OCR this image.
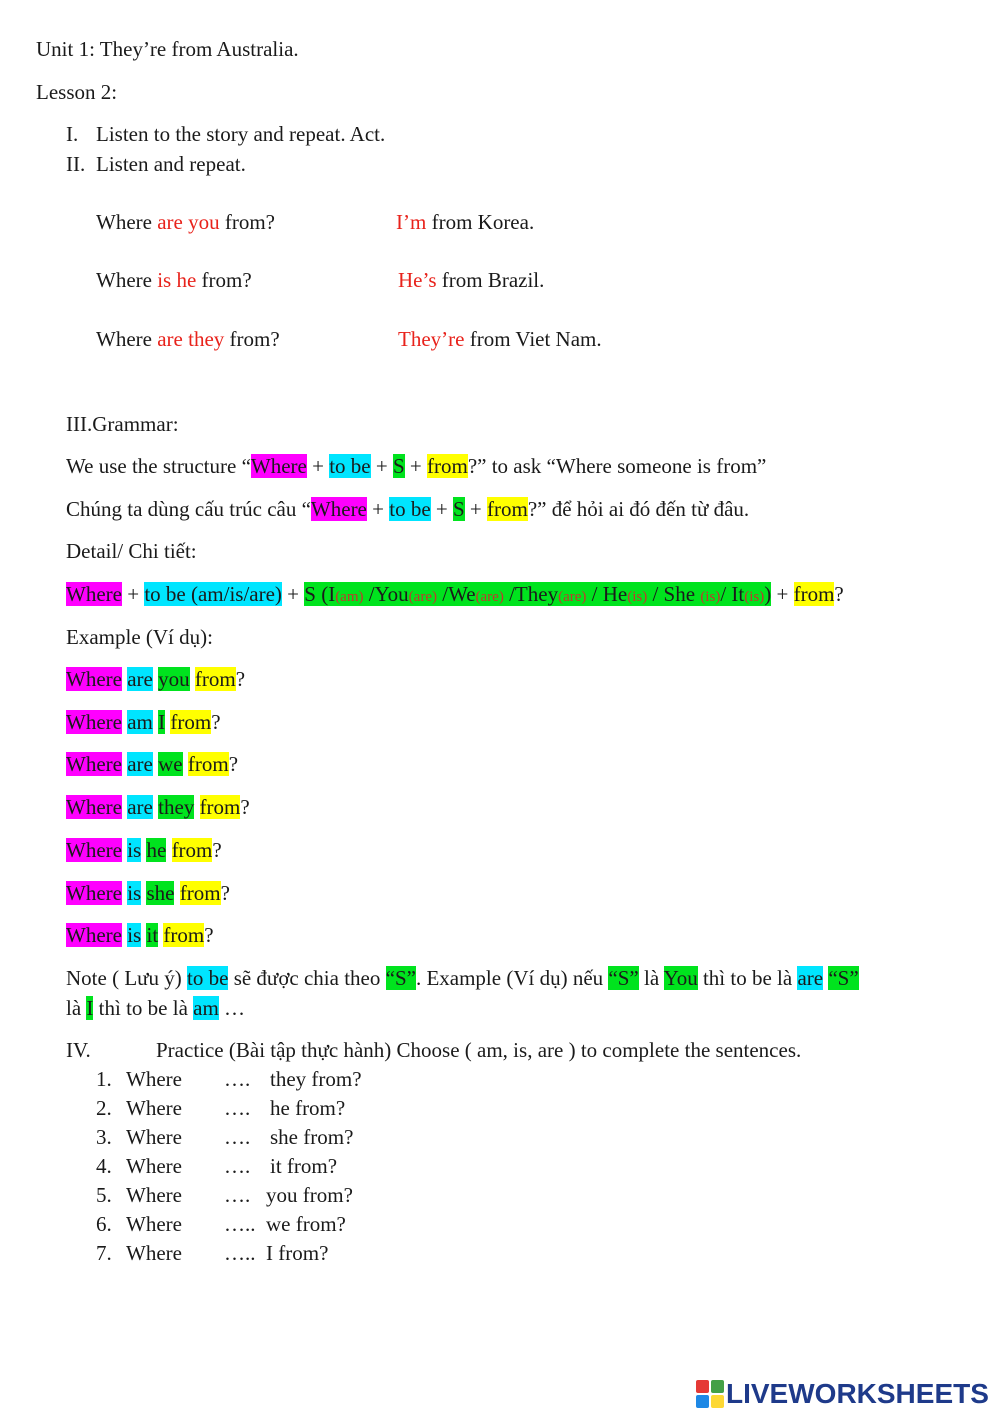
Unit 1: They’re from Australia.
Lesson 2:
I. Listen to the story and repeat. Act.
II. Listen and repeat.
Where are you from?	I’m from Korea.
Where is he from?	He’s from Brazil.
Where are they from?	They’re from Viet Nam.
III.Grammar:
We use the structure “Where + to be + S + from?” to ask “Where someone is from”
Chúng ta dùng cấu trúc câu “Where + to be + S + from?” để hỏi ai đó đến từ đâu.
Detail/ Chi tiết:
Where + to be (am/is/are) + S (I(am) /You(are) /We(are) /They(are) / He(is) / She (is)/ It(is)) + from?
Example (Ví dụ):
Where are you from?
Where am I from?
Where are we from?
Where are they from?
Where is he from?
Where is she from?
Where is it from?
Note ( Lưu ý) to be sẽ được chia theo “S”. Example (Ví dụ) nếu “S” là You thì to be là are “S”
là I thì to be là am …
IV.	Practice (Bài tập thực hành) Choose ( am, is, are ) to complete the sentences.
1. Where …. they from?
2. Where …. he from?
3. Where …. she from?
4. Where …. it from?
5. Where …. you from?
6. Where ….. we from?
7. Where ….. I from?
LIVEWORKSHEETS
